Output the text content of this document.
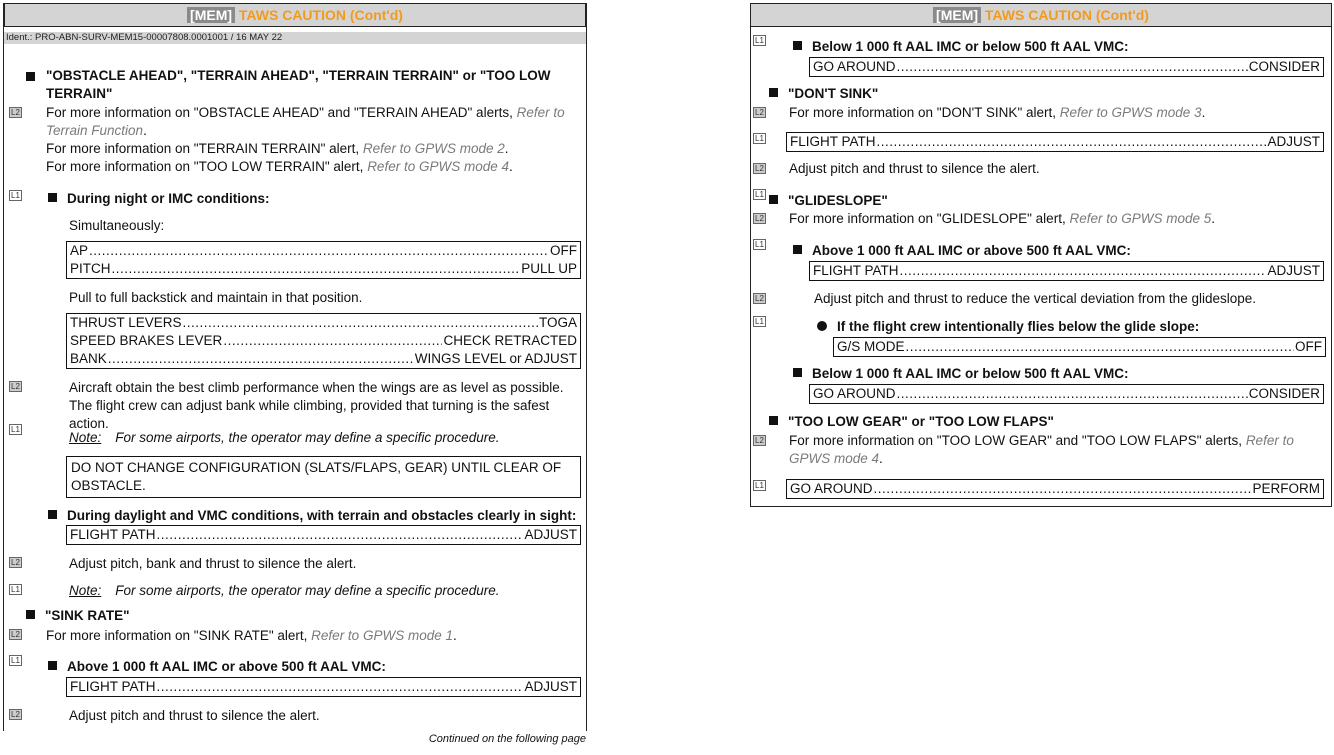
[MEM] TAWS CAUTION (Cont'd)
Ident.: PRO-ABN-SURV-MEM15-00007808.0001001 / 16 MAY 22
"OBSTACLE AHEAD", "TERRAIN AHEAD", "TERRAIN TERRAIN" or "TOO LOW TERRAIN"
L2 For more information on "OBSTACLE AHEAD" and "TERRAIN AHEAD" alerts, Refer to Terrain Function.
For more information on "TERRAIN TERRAIN" alert, Refer to GPWS mode 2.
For more information on "TOO LOW TERRAIN" alert, Refer to GPWS mode 4.
L1	During night or IMC conditions:
Simultaneously:
AP .....	OFF
PITCH .....	PULL UP
Pull to full backstick and maintain in that position.
THRUST LEVERS .....	TOGA
SPEED BRAKES LEVER .....	CHECK RETRACTED
BANK .....	WINGS LEVEL or ADJUST
L2	Aircraft obtain the best climb performance when the wings are as level as possible. The flight crew can adjust bank while climbing, provided that turning is the safest action.
L1
Note: For some airports, the operator may define a specific procedure.
DO NOT CHANGE CONFIGURATION (SLATS/FLAPS, GEAR) UNTIL CLEAR OF OBSTACLE.
During daylight and VMC conditions, with terrain and obstacles clearly in sight:
FLIGHT PATH .....	ADJUST
L2	Adjust pitch, bank and thrust to silence the alert.
L1	Note: For some airports, the operator may define a specific procedure.
"SINK RATE"
L2 For more information on "SINK RATE" alert, Refer to GPWS mode 1.
L1	Above 1 000 ft AAL IMC or above 500 ft AAL VMC:
FLIGHT PATH .....	ADJUST
L2	Adjust pitch and thrust to silence the alert.
Continued on the following page
[MEM] TAWS CAUTION (Cont'd)
L1	Below 1 000 ft AAL IMC or below 500 ft AAL VMC:
GO AROUND .....	CONSIDER
"DON'T SINK"
L2 For more information on "DON'T SINK" alert, Refer to GPWS mode 3.
L1 FLIGHT PATH .....	ADJUST
L2 Adjust pitch and thrust to silence the alert.
L1	"GLIDESLOPE"
L2 For more information on "GLIDESLOPE" alert, Refer to GPWS mode 5.
L1	Above 1 000 ft AAL IMC or above 500 ft AAL VMC:
FLIGHT PATH .....	ADJUST
L2	Adjust pitch and thrust to reduce the vertical deviation from the glideslope.
L1	If the flight crew intentionally flies below the glide slope:
G/S MODE .....	OFF
Below 1 000 ft AAL IMC or below 500 ft AAL VMC:
GO AROUND .....	CONSIDER
"TOO LOW GEAR" or "TOO LOW FLAPS"
L2 For more information on "TOO LOW GEAR" and "TOO LOW FLAPS" alerts, Refer to GPWS mode 4.
L1 GO AROUND .....	PERFORM
